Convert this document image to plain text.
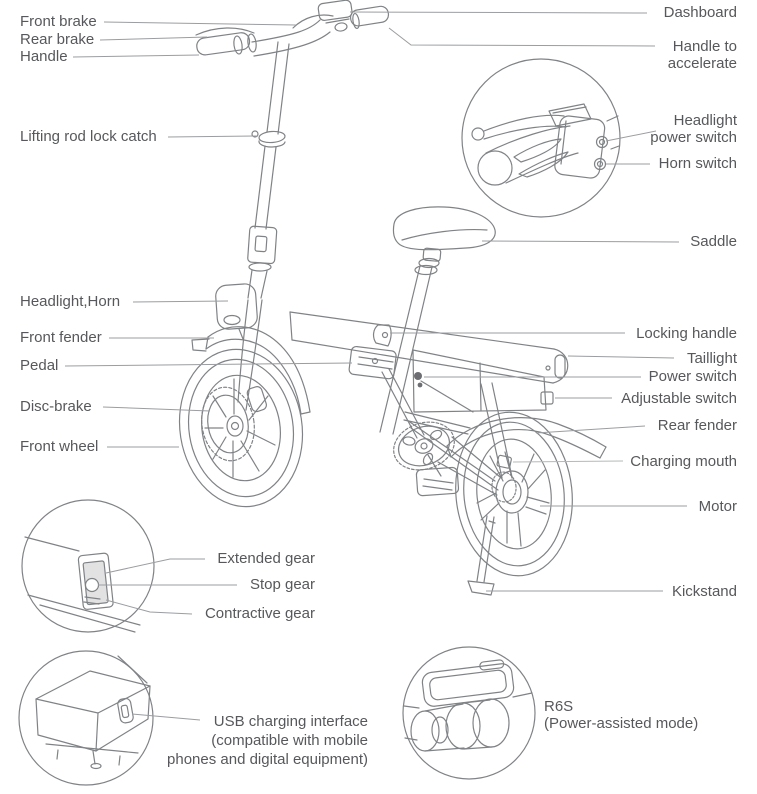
Front brake
Rear brake
Handle
Lifting rod lock catch
Headlight,Horn
Front fender
Pedal
Disc-brake
Front wheel
Dashboard
Handle to accelerate
Headlight power switch
Horn switch
Saddle
Locking handle
Taillight
Power switch
Adjustable switch
Rear fender
Charging mouth
Motor
Kickstand
Extended gear
Stop gear
Contractive gear
USB charging interface
(compatible with mobile
phones and digital equipment)
R6S
(Power-assisted mode)
